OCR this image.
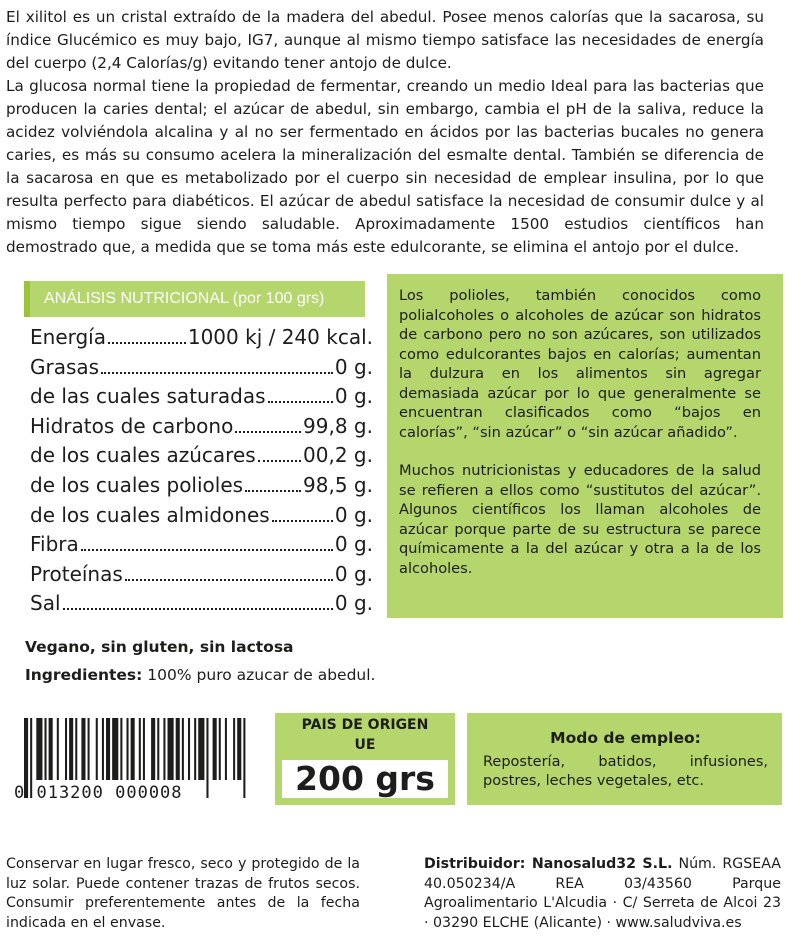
El xilitol es un cristal extraído de la madera del abedul. Posee menos calorías que la sacarosa, su índice Glucémico es muy bajo, IG7, aunque al mismo tiempo satisface las necesidades de energía del cuerpo (2,4 Calorías/g) evitando tener antojo de dulce.

La glucosa normal tiene la propiedad de fermentar, creando un medio Ideal para las bacterias que producen la caries dental; el azúcar de abedul, sin embargo, cambia el pH de la saliva, reduce la acidez volviéndola alcalina y al no ser fermentado en ácidos por las bacterias bucales no genera caries, es más su consumo acelera la mineralización del esmalte dental. También se diferencia de la sacarosa en que es metabolizado por el cuerpo sin necesidad de emplear insulina, por lo que resulta perfecto para diabéticos. El azúcar de abedul satisface la necesidad de consumir dulce y al mismo tiempo sigue siendo saludable. Aproximadamente 1500 estudios científicos han demostrado que, a medida que se toma más este edulcorante, se elimina el antojo por el dulce.

ANÁLISIS NUTRICIONAL (por 100 grs)
Energía	1000 kj / 240 kcal.
Grasas	0 g.
de las cuales saturadas	0 g.
Hidratos de carbono	99,8 g.
de los cuales azúcares 00,2 g.
de los cuales polioles	98,5 g.
de los cuales almidones	0 g.
Fibra	0 g.
Proteínas	0 g.
Sal	0 g.

Los polioles, también conocidos como polialcoholes o alcoholes de azúcar son hidratos de carbono pero no son azúcares, son utilizados como edulcorantes bajos en calorías; aumentan la dulzura en los alimentos sin agregar demasiada azúcar por lo que generalmente se encuentran clasificados como “bajos en calorías”, “sin azúcar” o “sin azúcar añadido”.

Muchos nutricionistas y educadores de la salud se refieren a ellos como “sustitutos del azúcar”. Algunos científicos los llaman alcoholes de azúcar porque parte de su estructura se parece químicamente a la del azúcar y otra a la de los alcoholes.

Vegano, sin gluten, sin lactosa
Ingredientes: 100% puro azucar de abedul.
0 013200 000008
PAIS DE ORIGEN
UE
200 grs
Modo de empleo:
Repostería, batidos, infusiones, postres, leches vegetales, etc.
Conservar en lugar fresco, seco y protegido de la luz solar. Puede contener trazas de frutos secos. Consumir preferentemente antes de la fecha indicada en el envase.
Distribuidor: Nanosalud32 S.L. Núm. RGSEAA 40.050234/A REA 03/43560 Parque Agroalimentario L'Alcudia · C/ Serreta de Alcoi 23 · 03290 ELCHE (Alicante) · www.saludviva.es
